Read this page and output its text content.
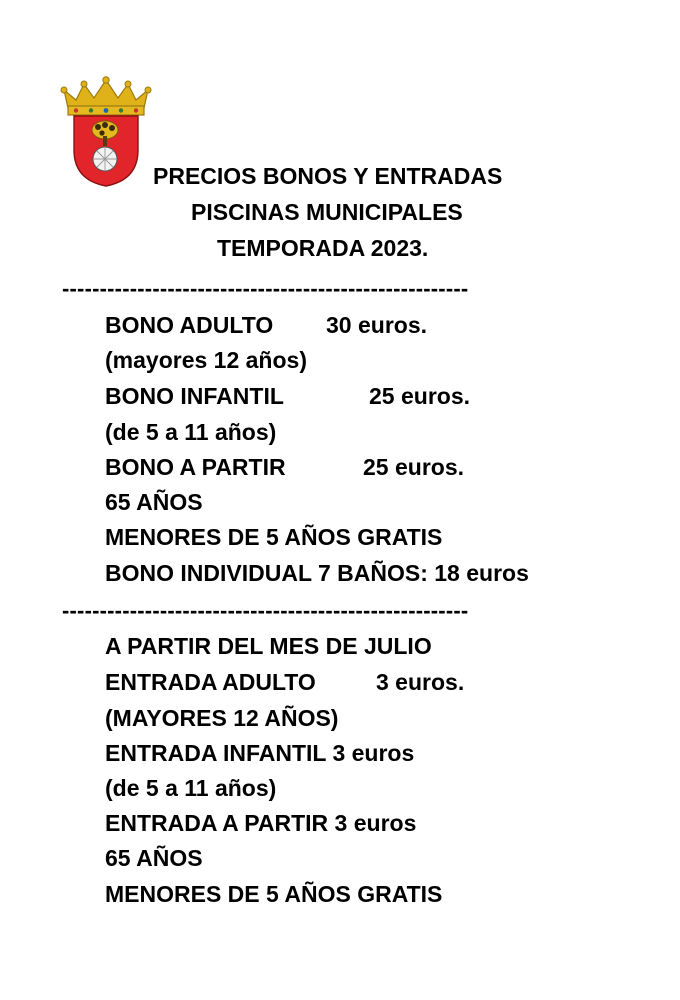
PRECIOS BONOS Y ENTRADAS
PISCINAS MUNICIPALES
TEMPORADA 2023.
------------------------------------------------------
BONO ADULTO 30 euros.
(mayores 12 años)
BONO INFANTIL	25 euros.
(de 5 a 11 años)
BONO A PARTIR	25 euros.
65 AÑOS
MENORES DE 5 AÑOS GRATIS
BONO INDIVIDUAL 7 BAÑOS: 18 euros
------------------------------------------------------
A PARTIR DEL MES DE JULIO
ENTRADA ADULTO	3 euros.
(MAYORES 12 AÑOS)
ENTRADA INFANTIL 3 euros
(de 5 a 11 años)
ENTRADA A PARTIR 3 euros
65 AÑOS
MENORES DE 5 AÑOS GRATIS
